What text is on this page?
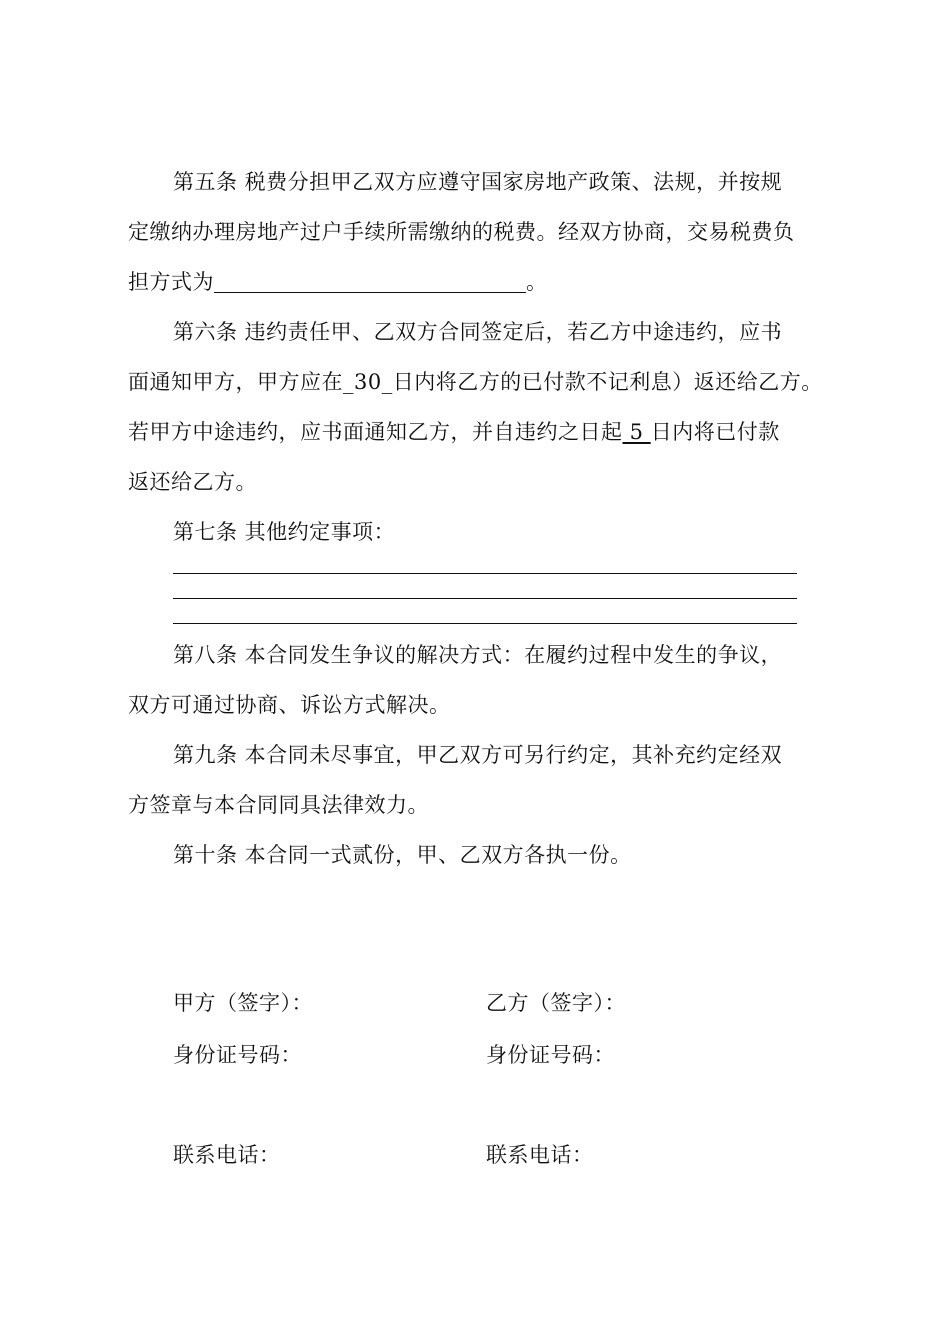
第五条 税费分担甲乙双方应遵守国家房地产政策、法规，并按规
定缴纳办理房地产过户手续所需缴纳的税费。经双方协商，交易税费负
担方式为	。
第六条 违约责任甲、乙双方合同签定后，若乙方中途违约，应书
面通知甲方，甲方应在_30_日内将乙方的已付款不记利息）返还给乙方。
若甲方中途违约，应书面通知乙方，并自违约之日起 5 日内将已付款
返还给乙方。
第七条 其他约定事项：
第八条 本合同发生争议的解决方式：在履约过程中发生的争议，
双方可通过协商、诉讼方式解决。
第九条 本合同未尽事宜，甲乙双方可另行约定，其补充约定经双
方签章与本合同同具法律效力。
第十条 本合同一式贰份，甲、乙双方各执一份。
甲方（签字）：	乙方（签字）：
身份证号码：	身份证号码：
联系电话：	联系电话：
